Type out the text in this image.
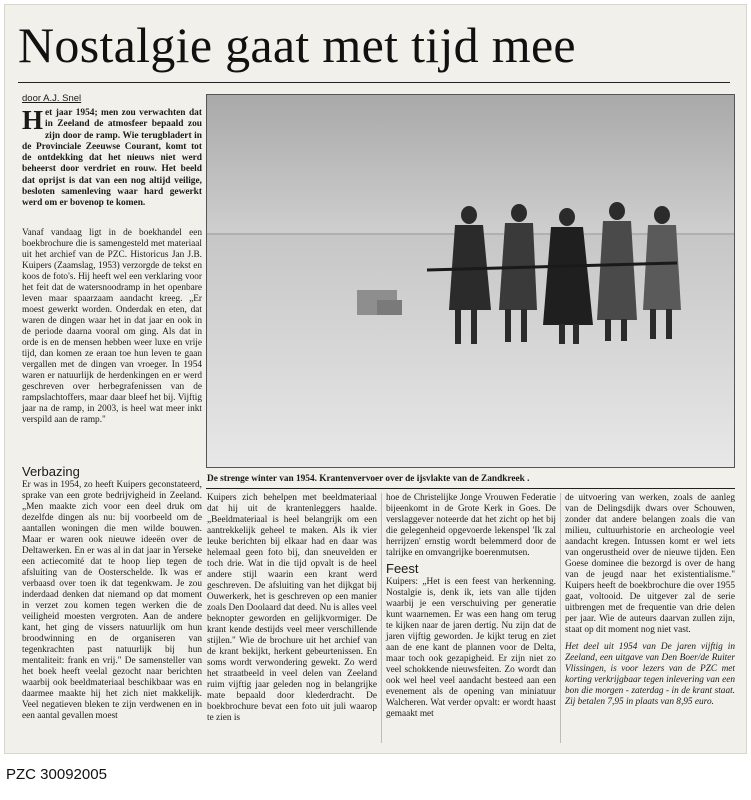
Nostalgie gaat met tijd mee
door A.J. Snel
Het jaar 1954; men zou verwachten dat in Zeeland de atmosfeer bepaald zou zijn door de ramp. Wie terugbladert in de Provinciale Zeeuwse Courant, komt tot de ontdekking dat het nieuws niet werd beheerst door verdriet en rouw. Het beeld dat oprijst is dat van een nog altijd veilige, besloten samenleving waar hard gewerkt werd om er bovenop te komen.
Vanaf vandaag ligt in de boekhandel een boekbrochure die is samengesteld met materiaal uit het archief van de PZC. Historicus Jan J.B. Kuipers (Zaamslag, 1953) verzorgde de tekst en koos de foto's. Hij heeft wel een verklaring voor het feit dat de watersnoodramp in het openbare leven maar spaarzaam aandacht kreeg. „Er moest gewerkt worden. Onderdak en eten, dat waren de dingen waar het in dat jaar en ook in de periode daarna vooral om ging. Als dat in orde is en de mensen hebben weer luxe en vrije tijd, dan komen ze eraan toe hun leven te gaan vergallen met de dingen van vroeger. In 1954 waren er natuurlijk de herdenkingen en er werd geschreven over herbegrafenissen van de rampslachtoffers, maar daar bleef het bij. Vijftig jaar na de ramp, in 2003, is heel wat meer inkt verspild aan de ramp."
Verbazing
Er was in 1954, zo heeft Kuipers geconstateerd, sprake van een grote bedrijvigheid in Zeeland. „Men maakte zich voor een deel druk om dezelfde dingen als nu: bij voorbeeld om de aantallen woningen die men wilde bouwen. Maar er waren ook nieuwe ideeën over de Deltawerken. En er was al in dat jaar in Yerseke een actiecomité dat te hoop liep tegen de afsluiting van de Oosterschelde. Ik was er verbaasd over toen ik dat tegenkwam. Je zou inderdaad denken dat niemand op dat moment in verzet zou komen tegen werken die de veiligheid moesten vergroten. Aan de andere kant, het ging de vissers natuurlijk om hun broodwinning en de organiseren van tegenkrachten past natuurlijk bij hun mentaliteit: frank en vrij." De samensteller van het boek heeft veelal gezocht naar berichten waarbij ook beeldmateriaal beschikbaar was en daarmee maakte hij het zich niet makkelijk. Veel negatieven bleken te zijn verdwenen en in een aantal gevallen moest
De strenge winter van 1954. Krantenvervoer over de ijsvlakte van de Zandkreek .
Kuipers zich behelpen met beeldmateriaal dat hij uit de krantenleggers haalde. „Beeldmateriaal is heel belangrijk om een aantrekkelijk geheel te maken. Als ik vier leuke berichten bij elkaar had en daar was helemaal geen foto bij, dan sneuvelden er toch drie. Wat in die tijd opvalt is de heel andere stijl waarin een krant werd geschreven. De afsluiting van het dijkgat bij Ouwerkerk, het is geschreven op een manier zoals Den Doolaard dat deed. Nu is alles veel beknopter geworden en gelijkvormiger. De krant kende destijds veel meer verschillende stijlen." Wie de brochure uit het archief van de krant bekijkt, herkent gebeurtenissen. En soms wordt verwondering gewekt. Zo werd het straatbeeld in veel delen van Zeeland ruim vijftig jaar geleden nog in belangrijke mate bepaald door klederdracht. De boekbrochure bevat een foto uit juli waarop te zien is
hoe de Christelijke Jonge Vrouwen Federatie bijeenkomt in de Grote Kerk in Goes. De verslaggever noteerde dat het zicht op het bij die gelegenheid opgevoerde lekenspel 'Ik zal herrijzen' ernstig wordt belemmerd door de talrijke en omvangrijke boerenmutsen.
Feest
Kuipers: „Het is een feest van herkenning. Nostalgie is, denk ik, iets van alle tijden waarbij je een verschuiving per generatie kunt waarnemen. Er was een hang om terug te kijken naar de jaren dertig. Nu zijn dat de jaren vijftig geworden. Je kijkt terug en ziet aan de ene kant de plannen voor de Delta, maar toch ook gezapigheid. Er zijn niet zo veel schokkende nieuwsfeiten. Zo wordt dan ook wel heel veel aandacht besteed aan een evenement als de opening van miniatuur Walcheren. Wat verder opvalt: er wordt haast gemaakt met
de uitvoering van werken, zoals de aanleg van de Delingsdijk dwars over Schouwen, zonder dat andere belangen zoals die van milieu, cultuurhistorie en archeologie veel aandacht kregen. Intussen komt er wel iets van ongerustheid over de nieuwe tijden. Een Goese dominee die bezorgd is over de hang van de jeugd naar het existentialisme." Kuipers heeft de boekbrochure die over 1955 gaat, voltooid. De uitgever zal de serie uitbrengen met de frequentie van drie delen per jaar. Wie de auteurs daarvan zullen zijn, staat op dit moment nog niet vast.
Het deel uit 1954 van De jaren vijftig in Zeeland, een uitgave van Den Boer/de Ruiter Vlissingen, is voor lezers van de PZC met korting verkrijgbaar tegen inlevering van een bon die morgen - zaterdag - in de krant staat. Zij betalen 7,95 in plaats van 8,95 euro.
PZC 30092005
